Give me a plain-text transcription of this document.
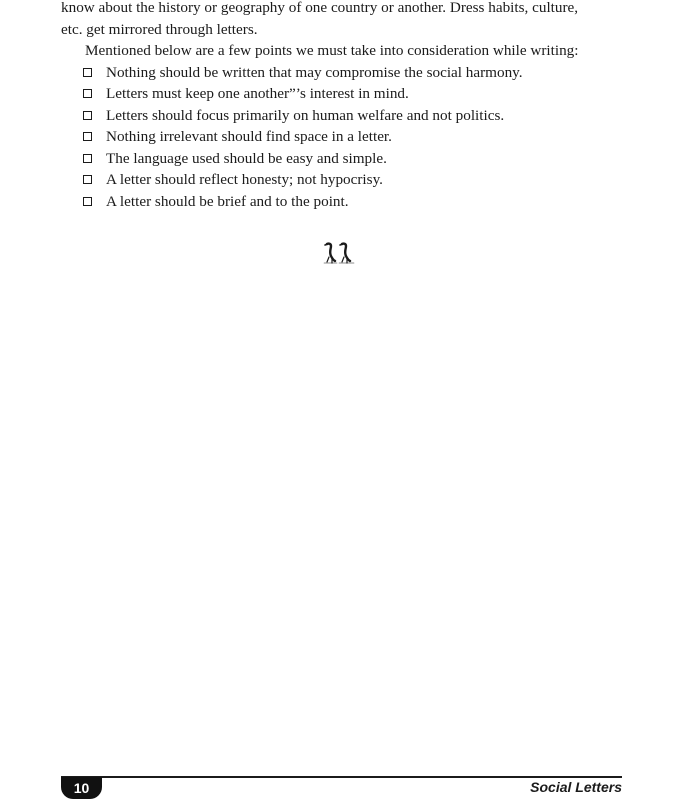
know about the history or geography of one country or another. Dress habits, culture,
etc. get mirrored through letters.
Mentioned below are a few points we must take into consideration while writing:
Nothing should be written that may compromise the social harmony.
Letters must keep one another”’s interest in mind.
Letters should focus primarily on human welfare and not politics.
Nothing irrelevant should find space in a letter.
The language used should be easy and simple.
A letter should reflect honesty; not hypocrisy.
A letter should be brief and to the point.
10	Social Letters
